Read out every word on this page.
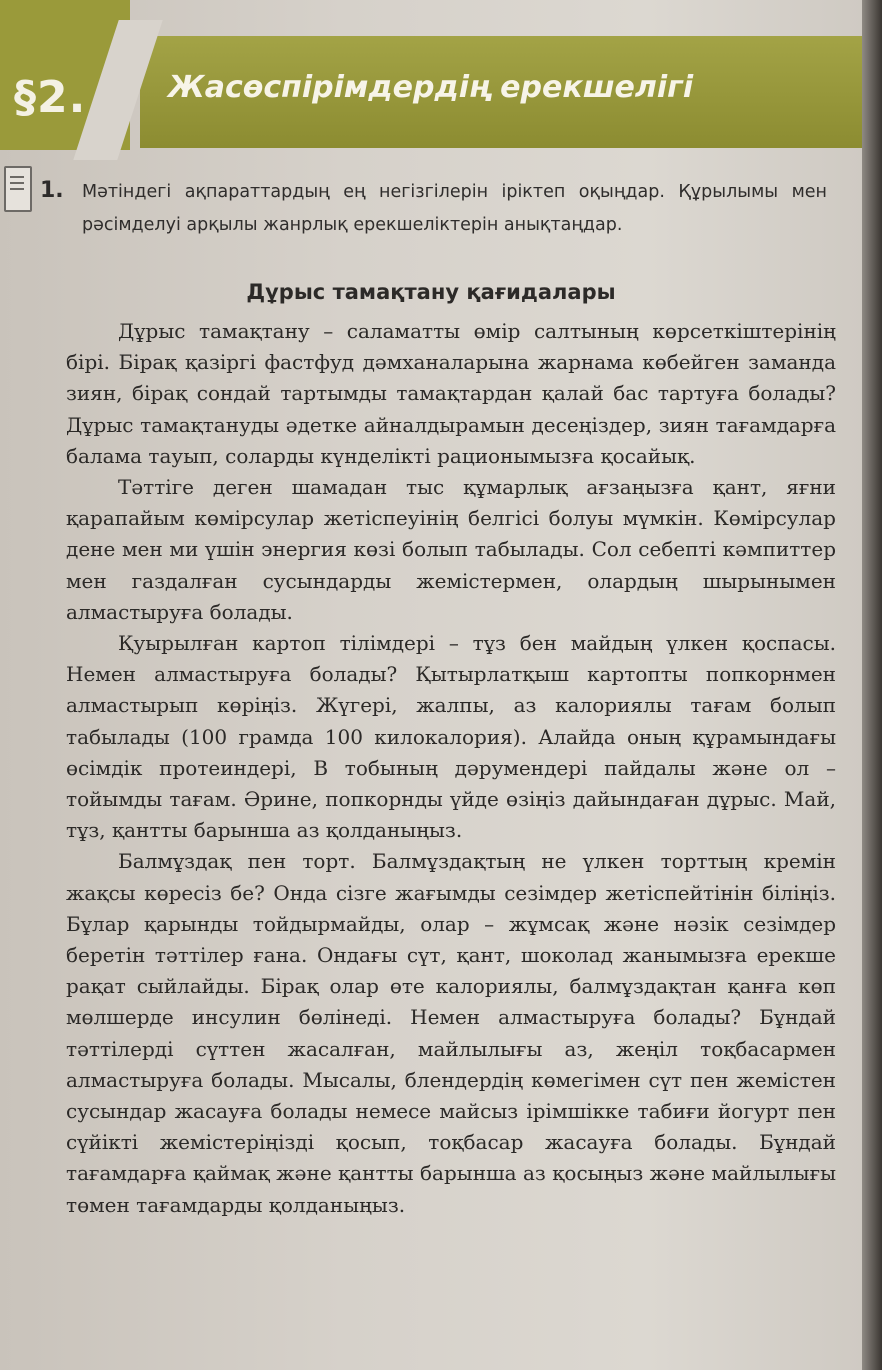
§2.	Жасөспірімдердің ерекшелігі
1. Мәтіндегі ақпараттардың ең негізгілерін іріктеп оқыңдар. Құрылымы мен рәсімделуі арқылы жанрлық ерекшеліктерін анықтаңдар.
Дұрыс тамақтану қағидалары

Дұрыс тамақтану – саламатты өмір салтының көрсеткіштерінің бірі. Бірақ қазіргі фастфуд дәмханаларына жарнама көбейген заманда зиян, бірақ сондай тартымды тамақтардан қалай бас тартуға болады? Дұрыс тамақтануды әдетке айналдырамын десеңіздер, зиян тағамдарға балама тауып, соларды күнделікті рационымызға қосайық.

Тәттіге деген шамадан тыс құмарлық ағзаңызға қант, яғни қарапайым көмірсулар жетіспеуінің белгісі болуы мүмкін. Көмірсулар дене мен ми үшін энергия көзі болып табылады. Сол себепті кәмпиттер мен газдалған сусындарды жемістермен, олардың шырынымен алмастыруға болады.

Қуырылған картоп тілімдері – тұз бен майдың үлкен қоспасы. Немен алмастыруға болады? Қытырлатқыш картопты попкорнмен алмастырып көріңіз. Жүгері, жалпы, аз калориялы тағам болып табылады (100 грамда 100 килокалория). Алайда оның құрамындағы өсімдік протеиндері, В тобының дәрумендері пайдалы және ол – тойымды тағам. Әрине, попкорнды үйде өзіңіз дайындаған дұрыс. Май, тұз, қантты барынша аз қолданыңыз.

Балмұздақ пен торт. Балмұздақтың не үлкен торттың кремін жақсы көресіз бе? Онда сізге жағымды сезімдер жетіспейтінін біліңіз. Бұлар қарынды тойдырмайды, олар – жұмсақ және нәзік сезімдер беретін тәттілер ғана. Ондағы сүт, қант, шоколад жанымызға ерекше рақат сыйлайды. Бірақ олар өте калориялы, балмұздақтан қанға көп мөлшерде инсулин бөлінеді. Немен алмастыруға болады? Бұндай тәттілерді сүттен жасалған, майлылығы аз, жеңіл тоқбасармен алмастыруға болады. Мысалы, блендердің көмегімен сүт пен жемістен сусындар жасауға болады немесе майсыз ірімшікке табиғи йогурт пен сүйікті жемістеріңізді қосып, тоқбасар жасауға болады. Бұндай тағамдарға қаймақ және қантты барынша аз қосыңыз және майлылығы төмен тағамдарды қолданыңыз.
